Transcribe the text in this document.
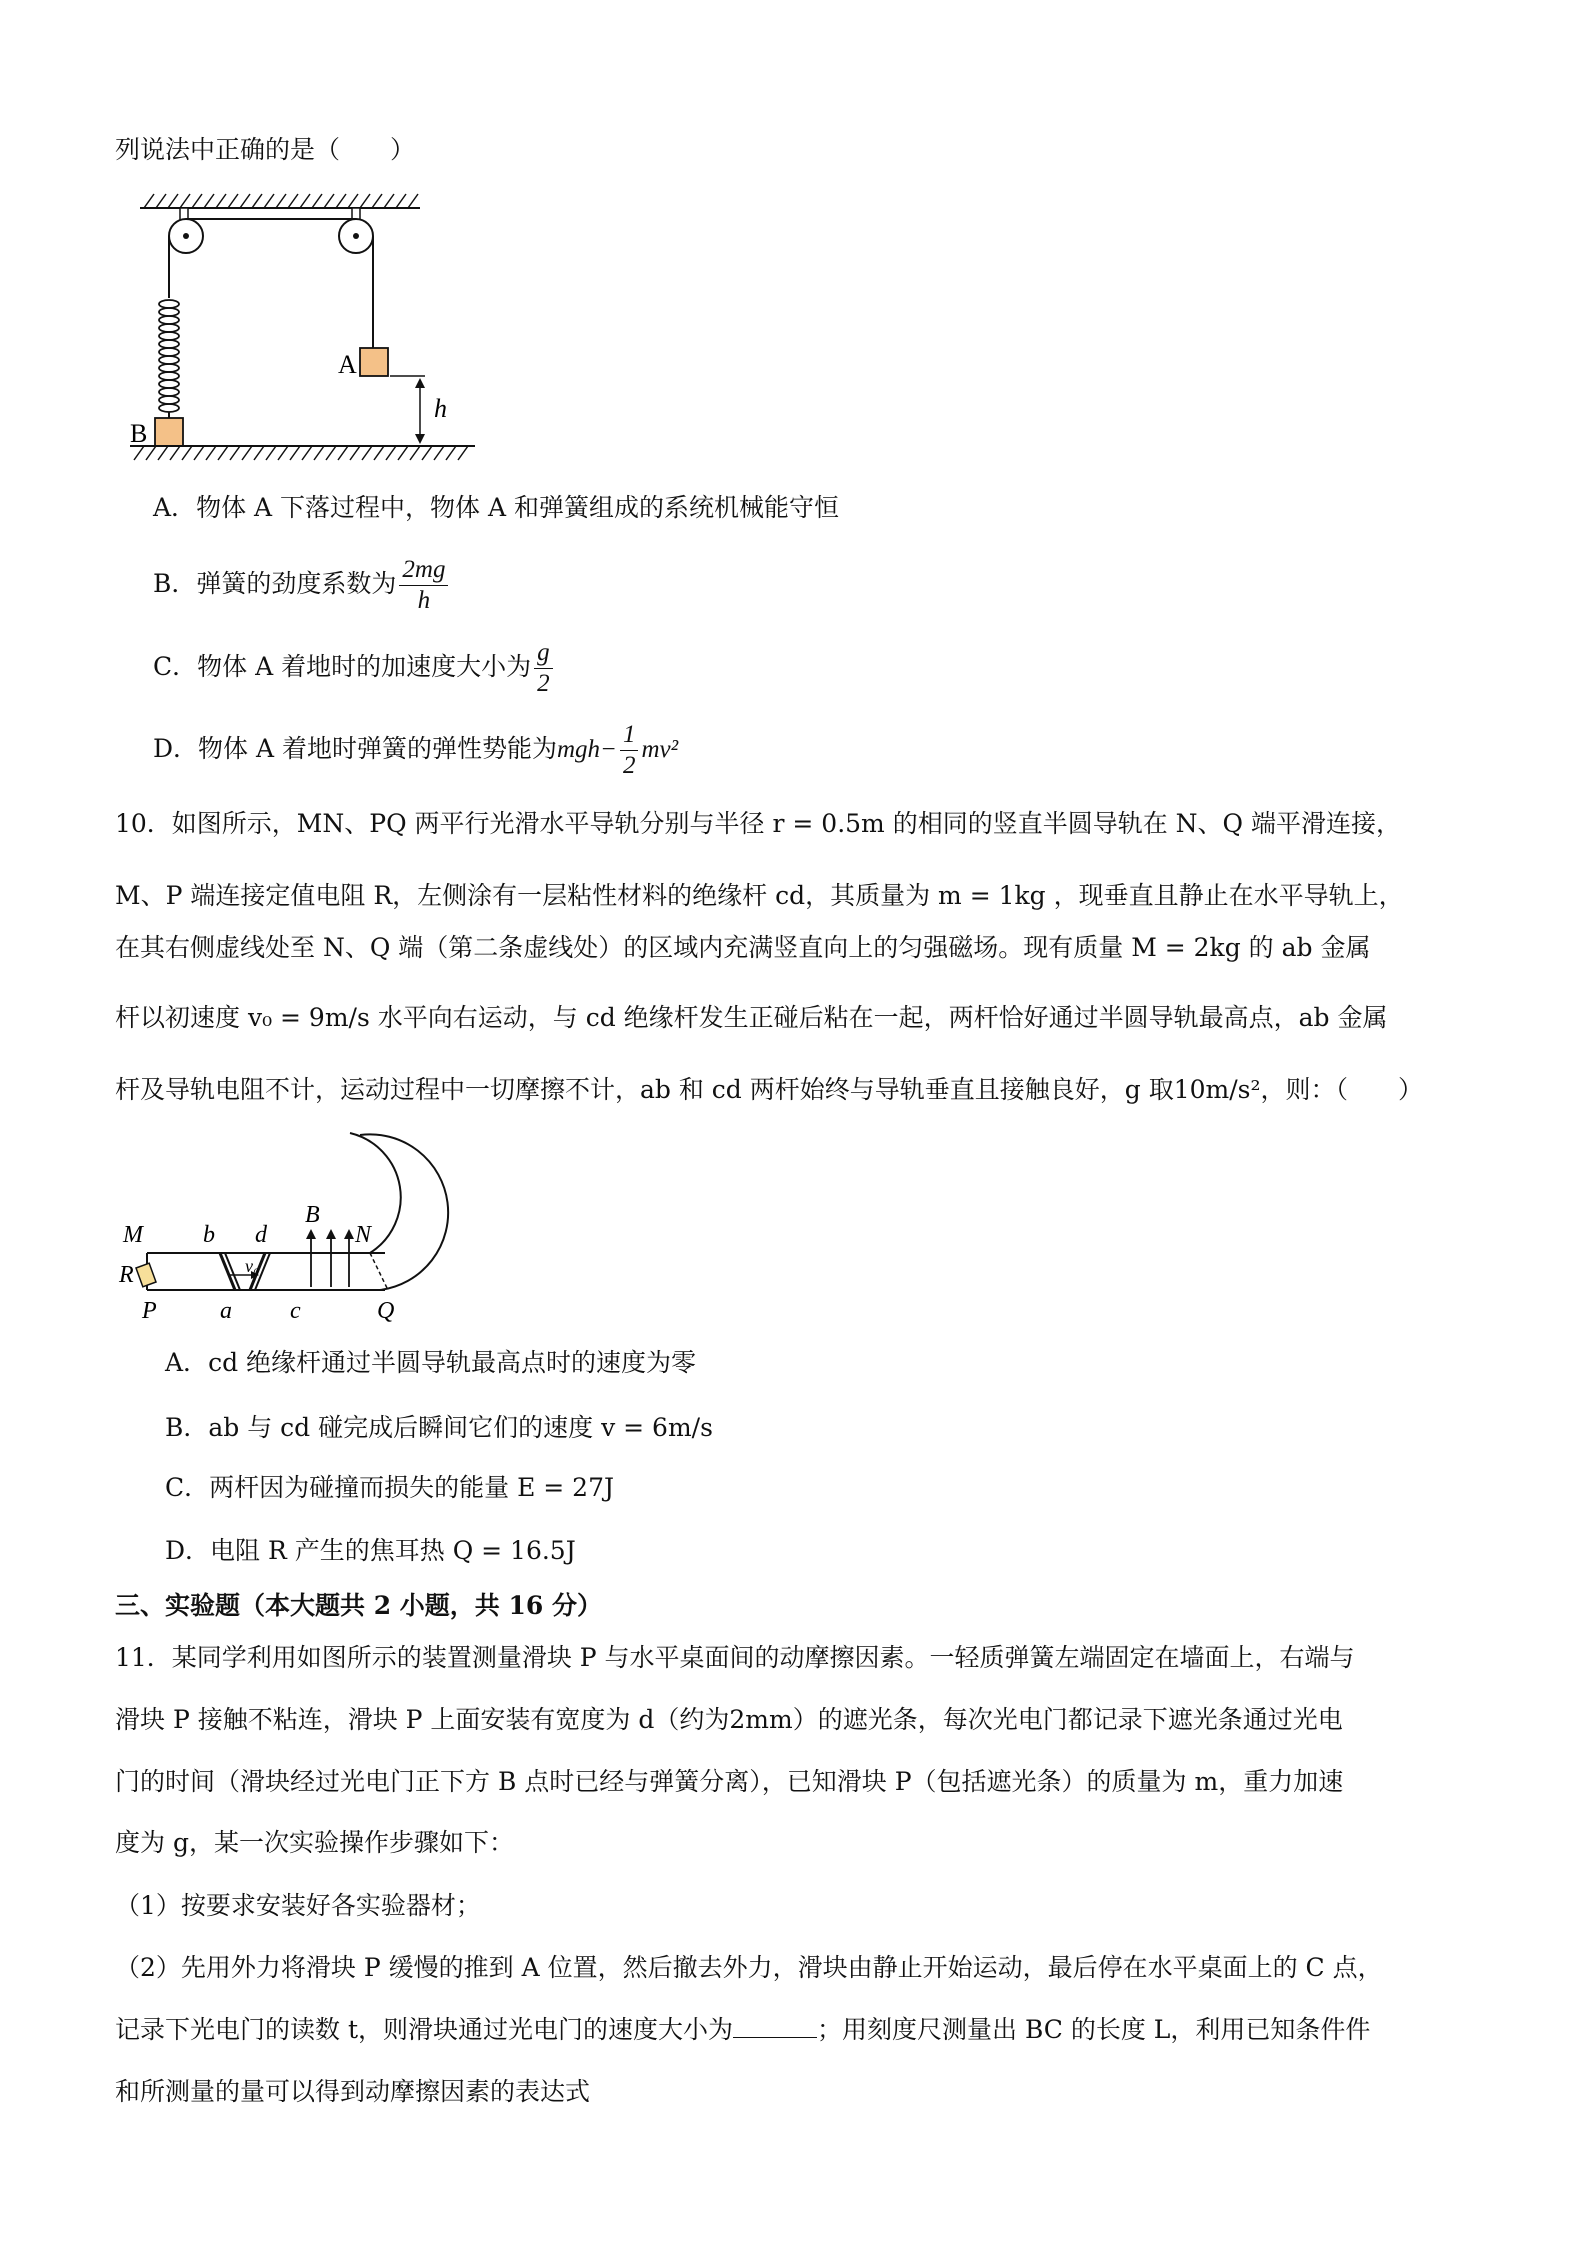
列说法中正确的是（　　）
A
B
h
A．物体 A 下落过程中，物体 A 和弹簧组成的系统机械能守恒
B．弹簧的劲度系数为 $\frac{2mg}{h}$
C．物体 A 着地时的加速度大小为 $\frac{g}{2}$
D．物体 A 着地时弹簧的弹性势能为$mgh- \frac{1}{2} mv^2$
10．如图所示，MN、PQ 两平行光滑水平导轨分别与半径 r = 0.5m 的相同的竖直半圆导轨在 N、Q 端平滑连接，
M、P 端连接定值电阻 R，左侧涂有一层粘性材料的绝缘杆 cd，其质量为 m = 1kg ，现垂直且静止在水平导轨上，
在其右侧虚线处至 N、Q 端（第二条虚线处）的区域内充满竖直向上的匀强磁场。现有质量 M = 2kg 的 ab 金属
杆以初速度 v₀ = 9m/s 水平向右运动，与 cd 绝缘杆发生正碰后粘在一起，两杆恰好通过半圆导轨最高点，ab 金属
杆及导轨电阻不计，运动过程中一切摩擦不计，ab 和 cd 两杆始终与导轨垂直且接触良好，g 取10m/s²，则：（　　）
M	b d
B
N
R	v₀
P	a c	Q
A．cd 绝缘杆通过半圆导轨最高点时的速度为零
B．ab 与 cd 碰完成后瞬间它们的速度 v = 6m/s
C．两杆因为碰撞而损失的能量 E = 27J
D．电阻 R 产生的焦耳热 Q = 16.5J
三、实验题（本大题共 2 小题，共 16 分）
11．某同学利用如图所示的装置测量滑块 P 与水平桌面间的动摩擦因素。一轻质弹簧左端固定在墙面上，右端与
滑块 P 接触不粘连，滑块 P 上面安装有宽度为 d（约为2mm）的遮光条，每次光电门都记录下遮光条通过光电
门的时间（滑块经过光电门正下方 B 点时已经与弹簧分离），已知滑块 P（包括遮光条）的质量为 m，重力加速
度为 g，某一次实验操作步骤如下：
（1）按要求安装好各实验器材；
（2）先用外力将滑块 P 缓慢的推到 A 位置，然后撤去外力，滑块由静止开始运动，最后停在水平桌面上的 C 点，
记录下光电门的读数 t，则滑块通过光电门的速度大小为	；用刻度尺测量出 BC 的长度 L，利用已知条件件
和所测量的量可以得到动摩擦因素的表达式
